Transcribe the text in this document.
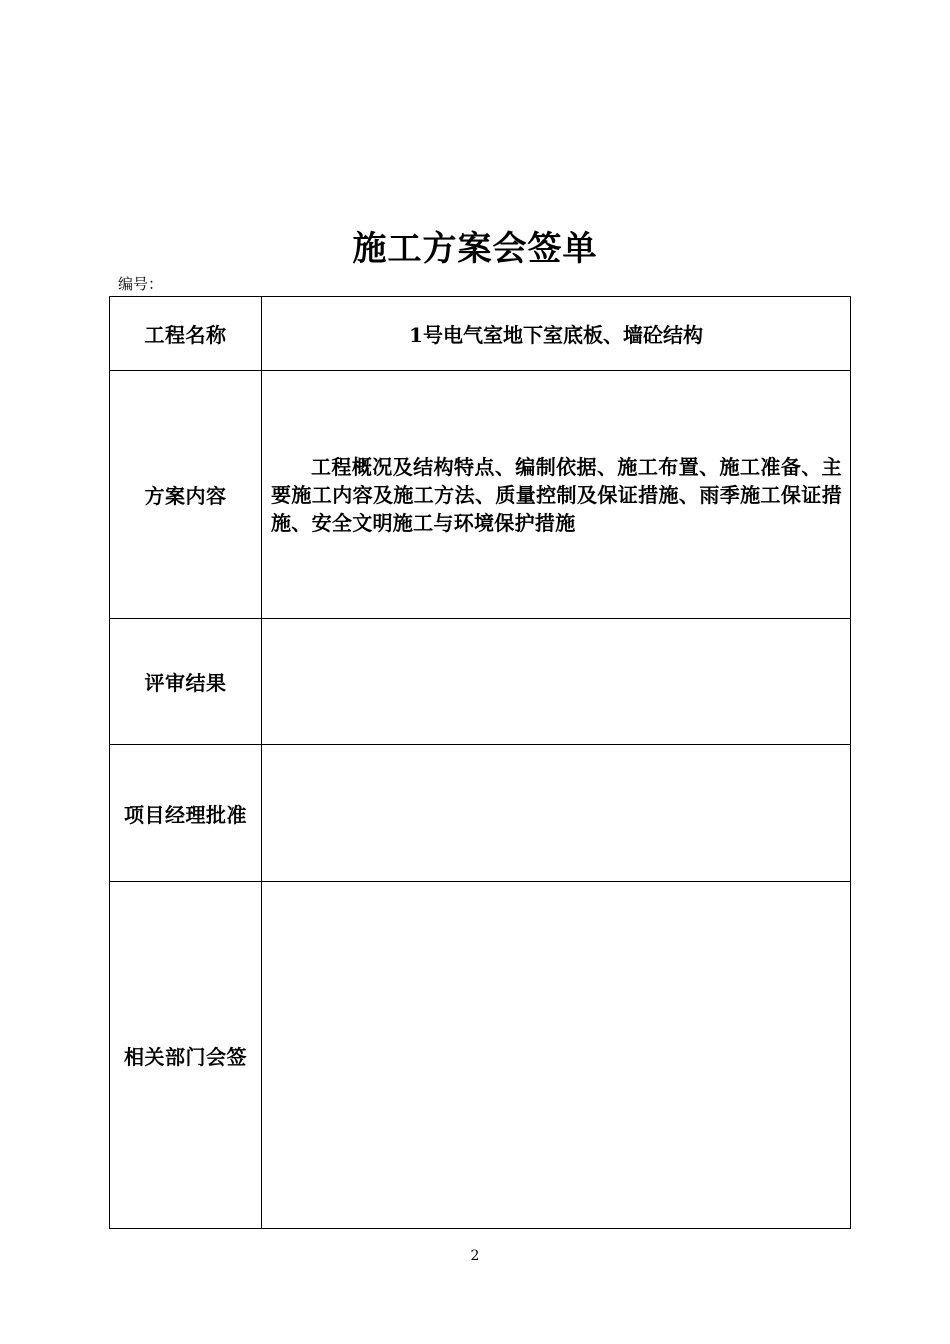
施工方案会签单
编号：
工程名称	1号电气室地下室底板、墙砼结构
方案内容	工程概况及结构特点、编制依据、施工布置、施工准备、主要施工内容及施工方法、质量控制及保证措施、雨季施工保证措施、安全文明施工与环境保护措施

评审结果	
项目经理批准	
相关部门会签	
2
